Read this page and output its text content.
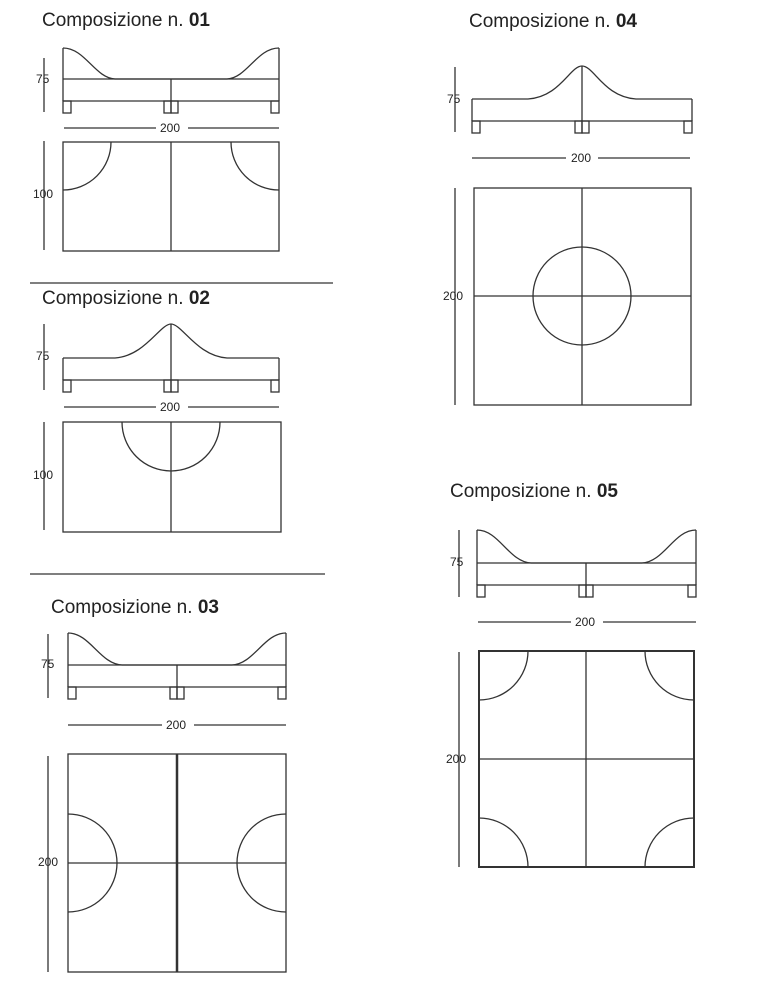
Composizione n. 01
Composizione n. 02
Composizione n. 03
Composizione n. 04
Composizione n. 05
75
200
100
75
200
100
75
200
200
75
200
200
75
200
200
